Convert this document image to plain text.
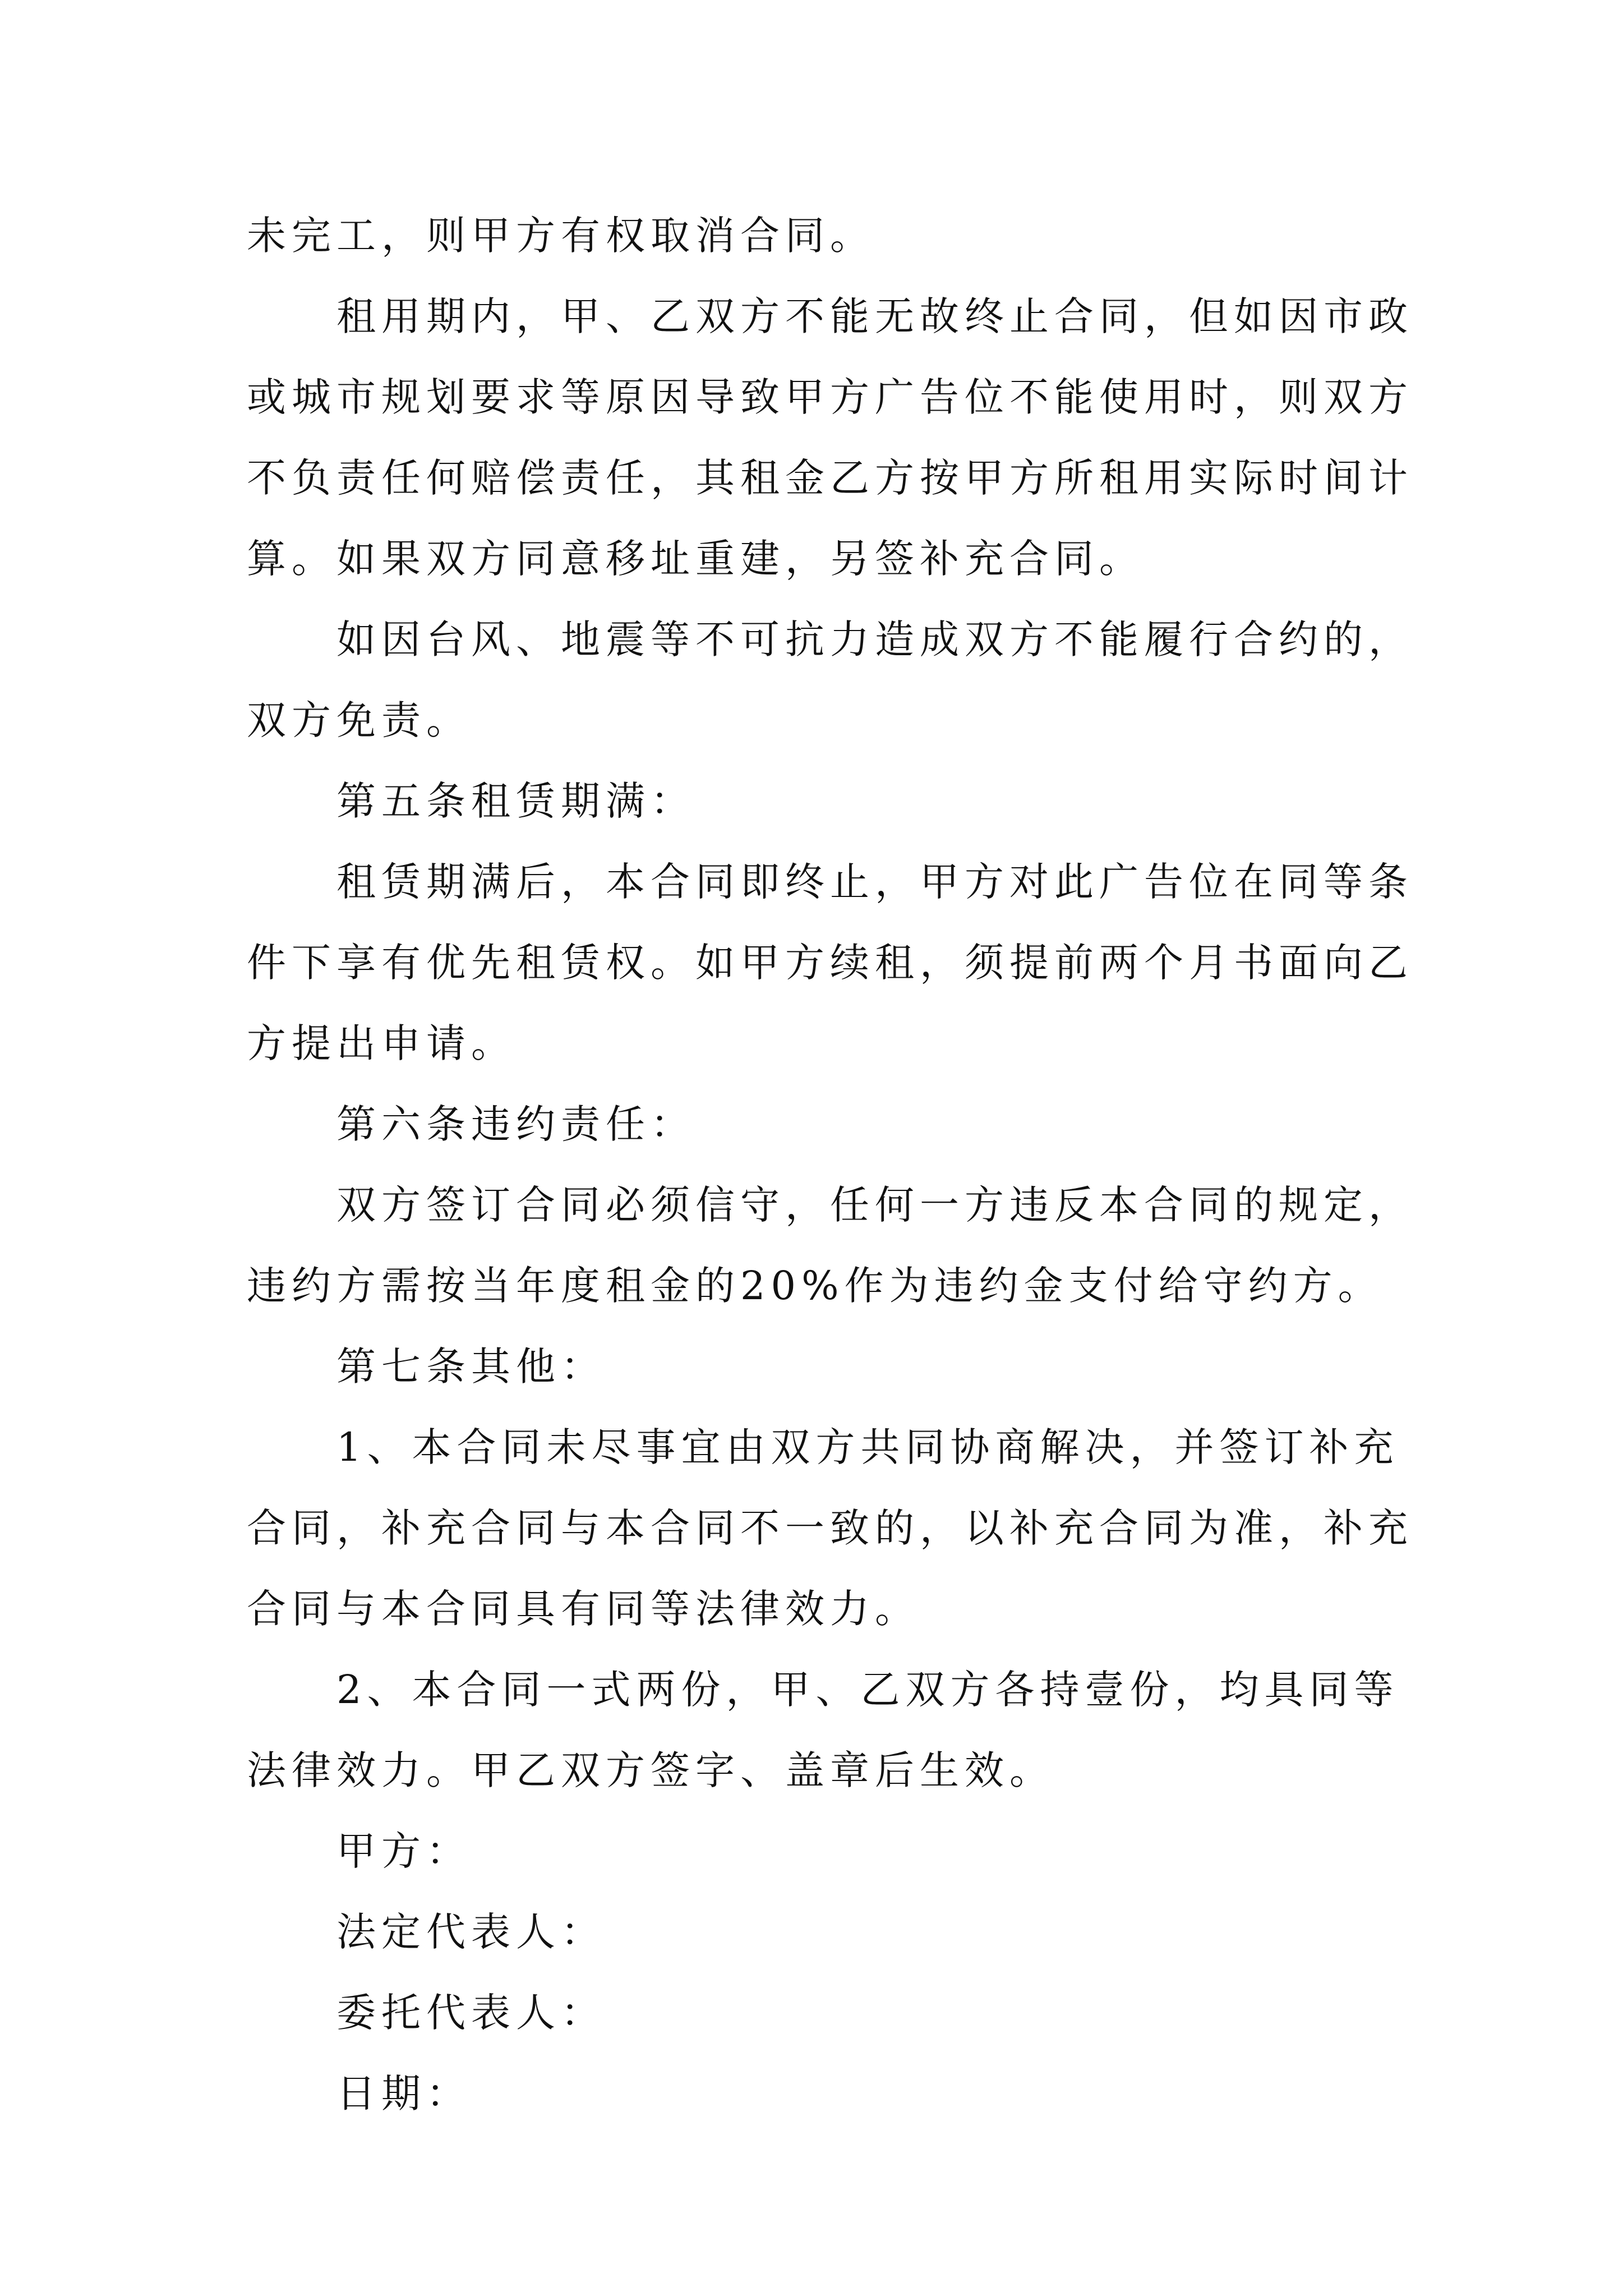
未完工，则甲方有权取消合同。
租用期内，甲、乙双方不能无故终止合同，但如因市政
或城市规划要求等原因导致甲方广告位不能使用时，则双方
不负责任何赔偿责任，其租金乙方按甲方所租用实际时间计
算。如果双方同意移址重建，另签补充合同。
如因台风、地震等不可抗力造成双方不能履行合约的，
双方免责。
第五条租赁期满：
租赁期满后，本合同即终止，甲方对此广告位在同等条
件下享有优先租赁权。如甲方续租，须提前两个月书面向乙
方提出申请。
第六条违约责任：
双方签订合同必须信守，任何一方违反本合同的规定，
违约方需按当年度租金的20%作为违约金支付给守约方。
第七条其他：
1、本合同未尽事宜由双方共同协商解决，并签订补充
合同，补充合同与本合同不一致的，以补充合同为准，补充
合同与本合同具有同等法律效力。
2、本合同一式两份，甲、乙双方各持壹份，均具同等
法律效力。甲乙双方签字、盖章后生效。
甲方：
法定代表人：
委托代表人：
日期：
